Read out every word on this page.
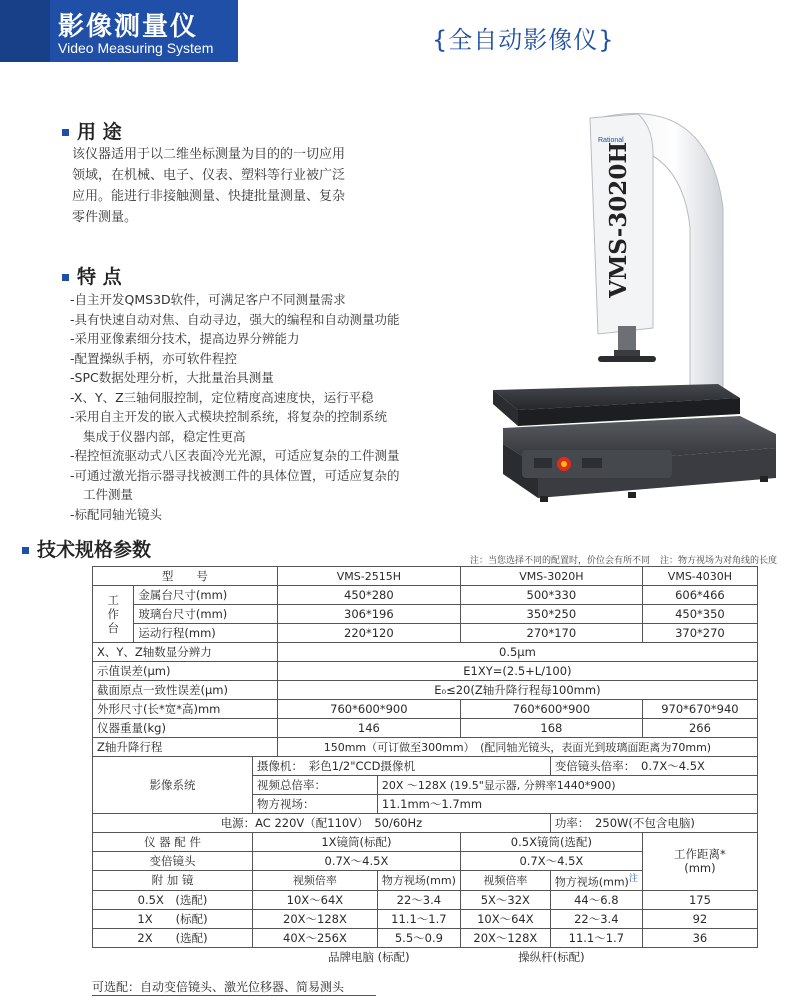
影像测量仪
Video Measuring System	{全自动影像仪}
用 途
该仪器适用于以二维坐标测量为目的的一切应用
领域，在机械、电子、仪表、塑料等行业被广泛
应用。能进行非接触测量、快捷批量测量、复杂
零件测量。
特 点
-自主开发QMS3D软件，可满足客户不同测量需求
-具有快速自动对焦、自动寻边，强大的编程和自动测量功能
-采用亚像素细分技术，提高边界分辨能力
-配置操纵手柄，亦可软件程控
-SPC数据处理分析，大批量治具测量
-X、Y、Z三轴伺服控制，定位精度高速度快，运行平稳
-采用自主开发的嵌入式模块控制系统，将复杂的控制系统
集成于仪器内部，稳定性更高
-程控恒流驱动式八区表面冷光光源，可适应复杂的工件测量
-可通过激光指示器寻找被测工件的具体位置，可适应复杂的
工件测量
-标配同轴光镜头
VMS-3020H
Rational
技术规格参数	注：当您选择不同的配置时，价位会有所不同 注：物方视场为对角线的长度
型　　号			VMS-2515H		VMS-3020H		VMS-4030H
工
作
台	金属台尺寸(mm)		450*280		500*330		606*466
	玻璃台尺寸(mm)		306*196		350*250		450*350
	运动行程(mm)		220*120		270*170		370*270
X、Y、Z轴数显分辨力			0.5μm				
示值误差(μm)			E1XY=(2.5+L/100)				
截面原点一致性误差(μm)			E₀≤20(Z轴升降行程每100mm)				
外形尺寸(长*宽*高)mm			760*600*900		760*600*900		970*670*940
仪器重量(kg)			146		168		266
Z轴升降行程			150mm（可订做至300mm）　(配同轴光镜头，表面光到玻璃面距离为70mm)				
影像系统		摄像机：　彩色1/2"CCD摄像机				变倍镜头倍率：　0.7X～4.5X	
		视频总倍率：		20X ～128X (19.5"显示器, 分辨率1440*900)			
		物方视场：		11.1mm～1.7mm			
电源：AC 220V（配110V）　50/60Hz						功率：　250W(不包含电脑)	
仪 器 配 件		1X镜筒(标配)			0.5X镜筒(选配)		工作距离*
(mm)
变倍镜头		0.7X～4.5X			0.7X～4.5X		
附 加 镜		视频倍率		物方视场(mm)	视频倍率	物方视场(mm)$^注$
0.5X　(选配)		10X～64X		22～3.4	5X～32X	44～6.8	175
1X　　(标配)		20X～128X		11.1～1.7	10X～64X	22～3.4	92
2X　　(选配)		40X～256X		5.5～0.9	20X～128X	11.1～1.7	36
			品牌电脑 (标配)		操纵杆(标配)		
可选配：自动变倍镜头、激光位移器、简易测头
